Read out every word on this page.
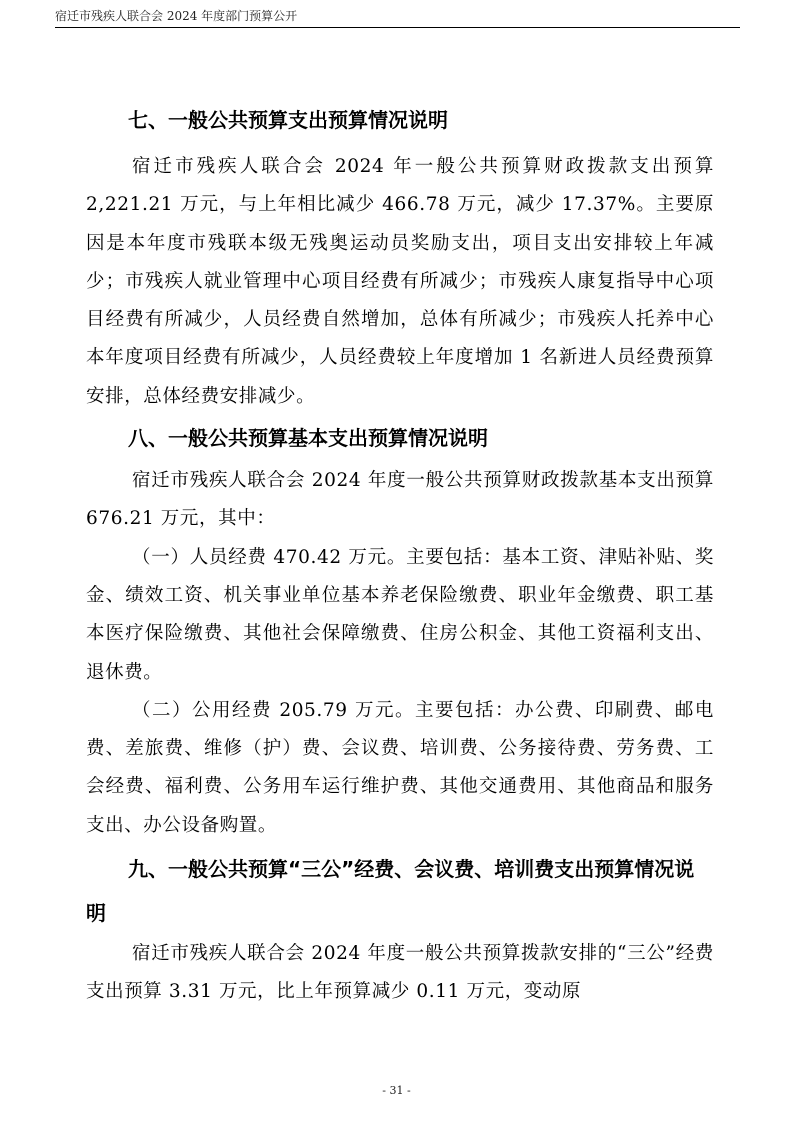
宿迁市残疾人联合会 2024 年度部门预算公开
七、一般公共预算支出预算情况说明

宿迁市残疾人联合会 2024 年一般公共预算财政拨款支出预算 2,221.21 万元，与上年相比减少 466.78 万元，减少 17.37%。主要原因是本年度市残联本级无残奥运动员奖励支出，项目支出安排较上年减少；市残疾人就业管理中心项目经费有所减少；市残疾人康复指导中心项目经费有所减少，人员经费自然增加，总体有所减少；市残疾人托养中心本年度项目经费有所减少，人员经费较上年度增加 1 名新进人员经费预算安排，总体经费安排减少。

八、一般公共预算基本支出预算情况说明

宿迁市残疾人联合会 2024 年度一般公共预算财政拨款基本支出预算 676.21 万元，其中：

（一）人员经费 470.42 万元。主要包括：基本工资、津贴补贴、奖金、绩效工资、机关事业单位基本养老保险缴费、职业年金缴费、职工基本医疗保险缴费、其他社会保障缴费、住房公积金、其他工资福利支出、退休费。

（二）公用经费 205.79 万元。主要包括：办公费、印刷费、邮电费、差旅费、维修（护）费、会议费、培训费、公务接待费、劳务费、工会经费、福利费、公务用车运行维护费、其他交通费用、其他商品和服务支出、办公设备购置。

九、一般公共预算“三公”经费、会议费、培训费支出预算情况说明

宿迁市残疾人联合会 2024 年度一般公共预算拨款安排的“三公”经费支出预算 3.31 万元，比上年预算减少 0.11 万元，变动原

- 31 -
